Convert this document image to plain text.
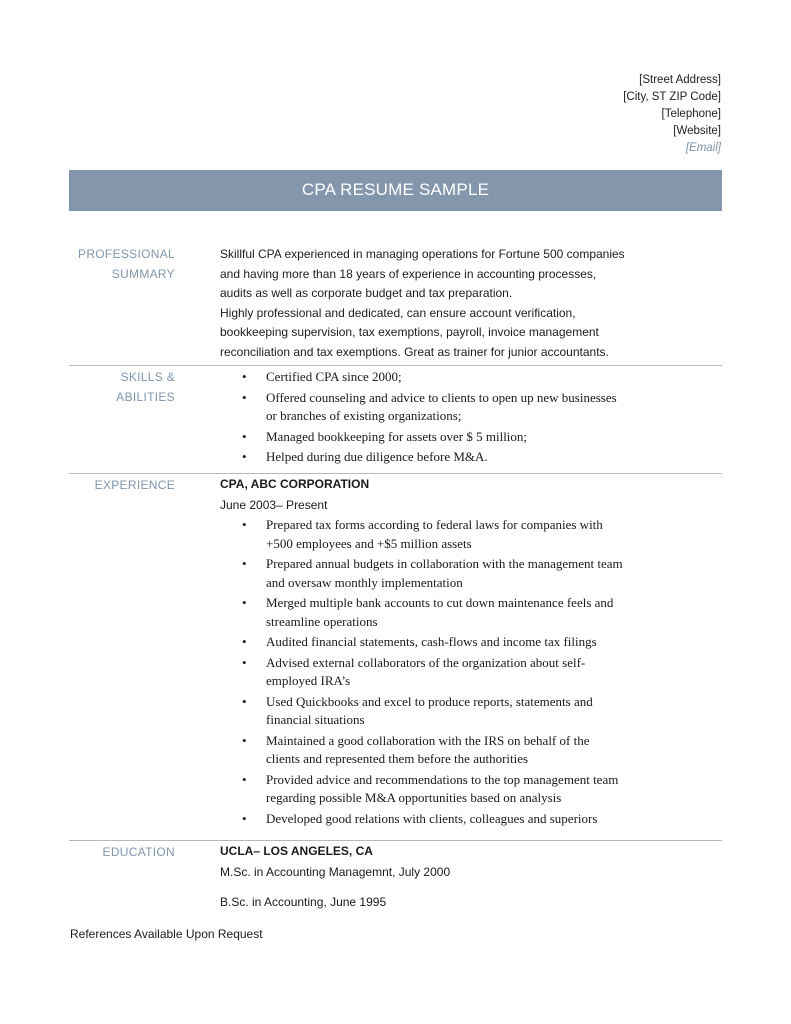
[Street Address]
[City, ST ZIP Code]
[Telephone]
[Website]
[Email]
CPA RESUME SAMPLE
PROFESSIONAL
SUMMARY
Skillful CPA experienced in managing operations for Fortune 500 companies and having more than 18 years of experience in accounting processes, audits as well as corporate budget and tax preparation.
Highly professional and dedicated, can ensure account verification, bookkeeping supervision, tax exemptions, payroll, invoice management reconciliation and tax exemptions. Great as trainer for junior accountants.
SKILLS & ABILITIES
• Certified CPA since 2000;
• Offered counseling and advice to clients to open up new businesses or branches of existing organizations;
• Managed bookkeeping for assets over $ 5 million;
• Helped during due diligence before M&A.
EXPERIENCE	CPA, ABC CORPORATION
June 2003– Present
• Prepared tax forms according to federal laws for companies with +500 employees and +$5 million assets
• Prepared annual budgets in collaboration with the management team and oversaw monthly implementation
• Merged multiple bank accounts to cut down maintenance feels and streamline operations
• Audited financial statements, cash-flows and income tax filings
• Advised external collaborators of the organization about self-employed IRA’s
• Used Quickbooks and excel to produce reports, statements and financial situations
• Maintained a good collaboration with the IRS on behalf of the clients and represented them before the authorities
• Provided advice and recommendations to the top management team regarding possible M&A opportunities based on analysis
• Developed good relations with clients, colleagues and superiors
EDUCATION	UCLA– LOS ANGELES, CA
M.Sc. in Accounting Managemnt, July 2000
B.Sc. in Accounting, June 1995
References Available Upon Request
